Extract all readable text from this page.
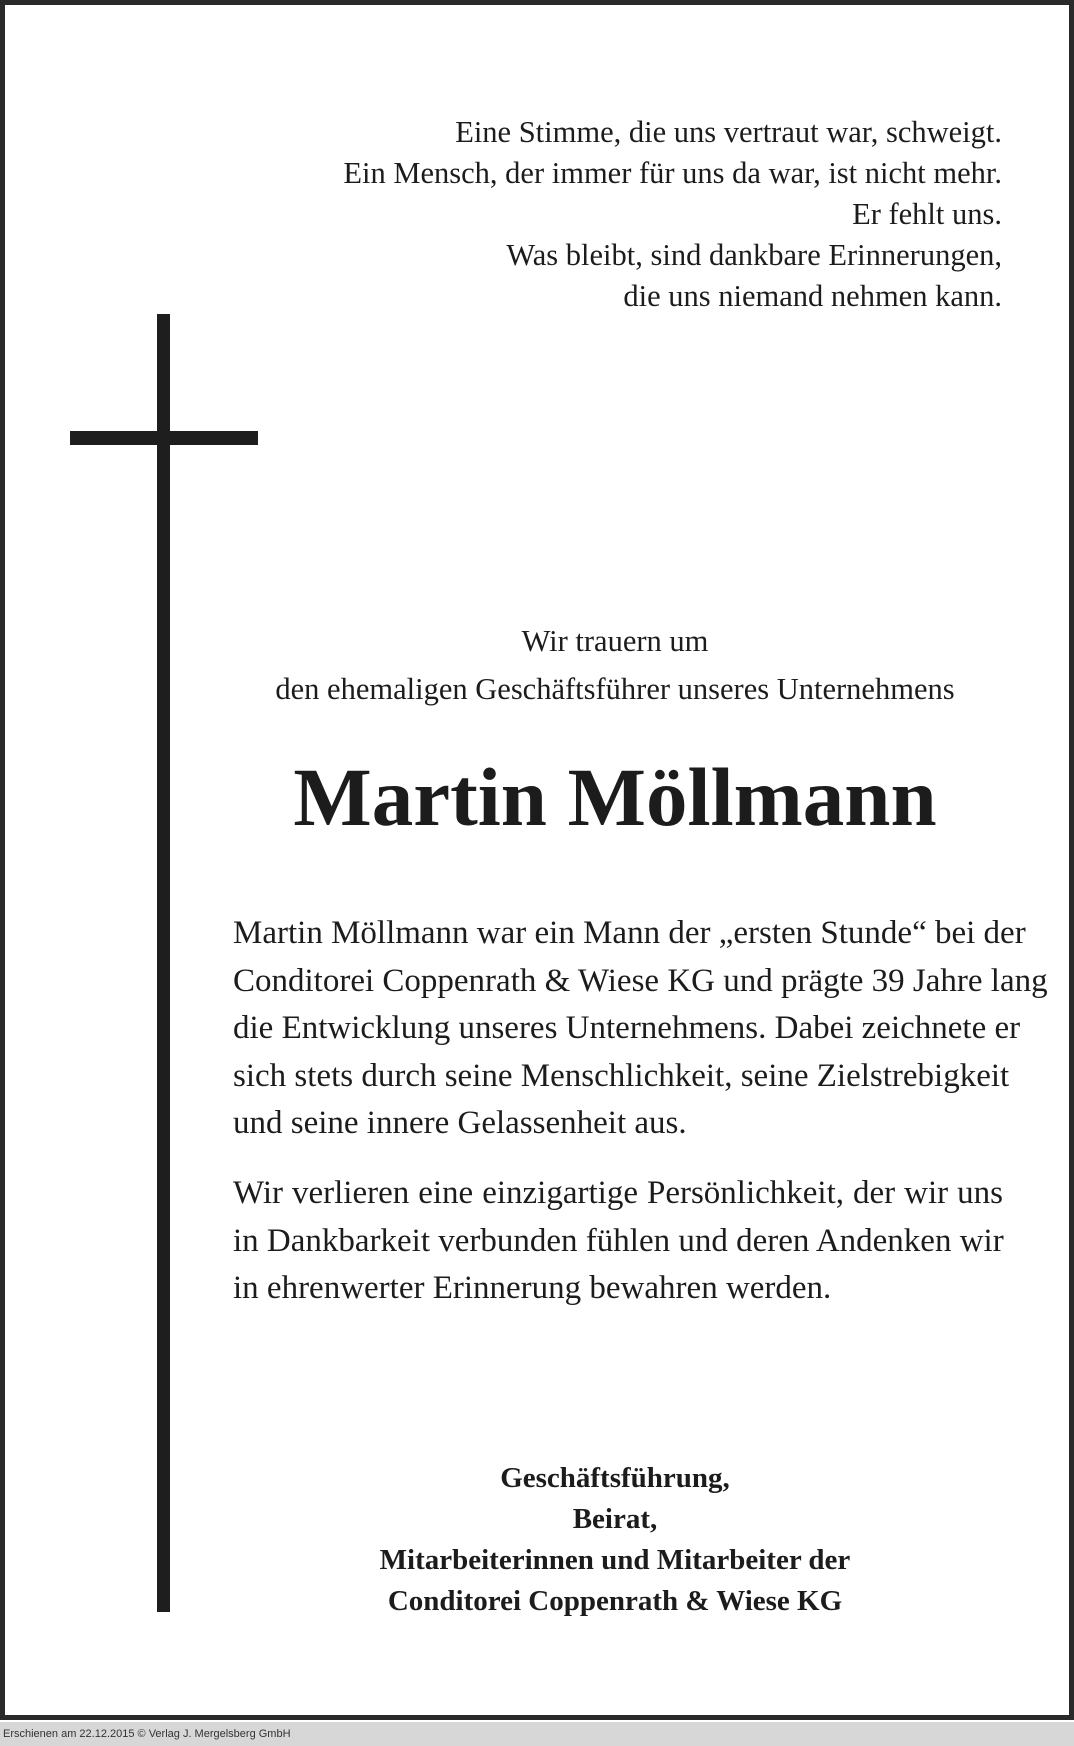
Eine Stimme, die uns vertraut war, schweigt.
Ein Mensch, der immer für uns da war, ist nicht mehr.
Er fehlt uns.
Was bleibt, sind dankbare Erinnerungen,
die uns niemand nehmen kann.
Wir trauern um
den ehemaligen Geschäftsführer unseres Unternehmens
Martin Möllmann
Martin Möllmann war ein Mann der „ersten Stunde“ bei der
Conditorei Coppenrath & Wiese KG und prägte 39 Jahre lang
die Entwicklung unseres Unternehmens. Dabei zeichnete er
sich stets durch seine Menschlichkeit, seine Zielstrebigkeit
und seine innere Gelassenheit aus.
Wir verlieren eine einzigartige Persönlichkeit, der wir uns
in Dankbarkeit verbunden fühlen und deren Andenken wir
in ehrenwerter Erinnerung bewahren werden.
Geschäftsführung,
Beirat,
Mitarbeiterinnen und Mitarbeiter der
Conditorei Coppenrath & Wiese KG
Erschienen am 22.12.2015 © Verlag J. Mergelsberg GmbH
